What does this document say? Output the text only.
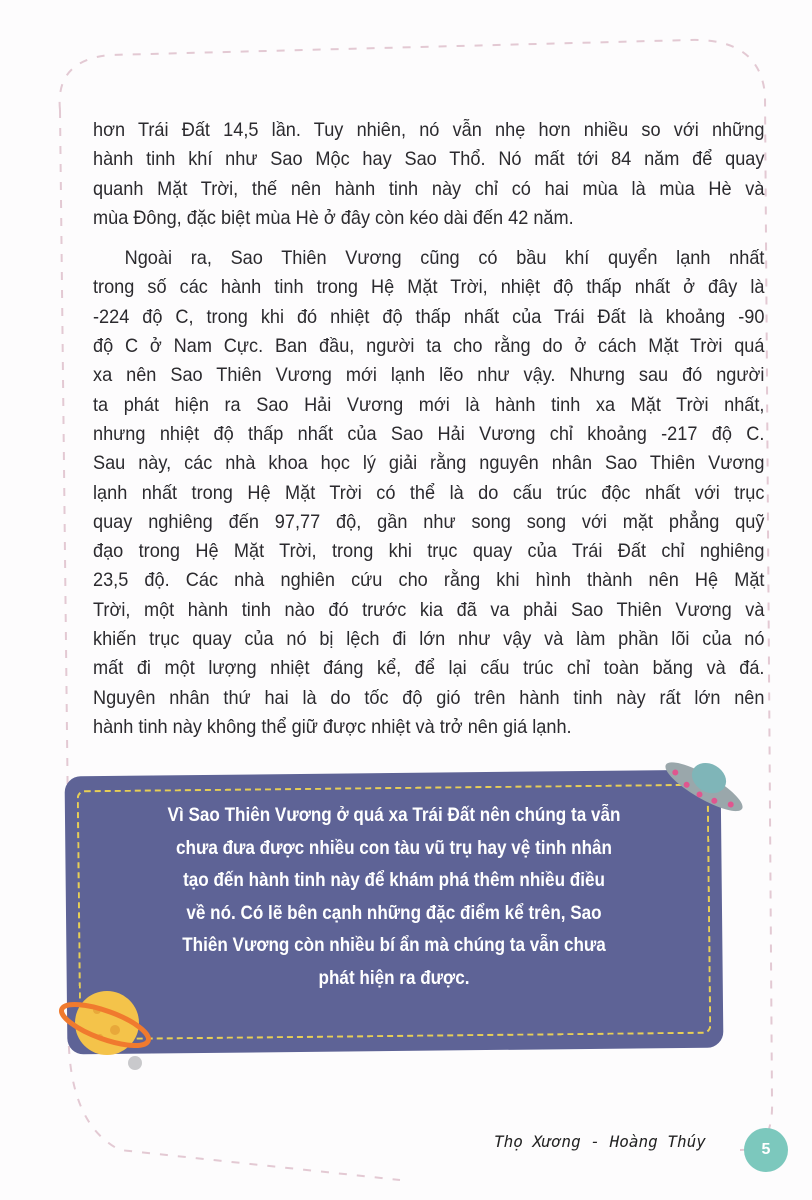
hơn Trái Đất 14,5 lần. Tuy nhiên, nó vẫn nhẹ hơn nhiều so với những
hành tinh khí như Sao Mộc hay Sao Thổ. Nó mất tới 84 năm để quay
quanh Mặt Trời, thế nên hành tinh này chỉ có hai mùa là mùa Hè và
mùa Đông, đặc biệt mùa Hè ở đây còn kéo dài đến 42 năm.
Ngoài ra, Sao Thiên Vương cũng có bầu khí quyển lạnh nhất
trong số các hành tinh trong Hệ Mặt Trời, nhiệt độ thấp nhất ở đây là
-224 độ C, trong khi đó nhiệt độ thấp nhất của Trái Đất là khoảng -90
độ C ở Nam Cực. Ban đầu, người ta cho rằng do ở cách Mặt Trời quá
xa nên Sao Thiên Vương mới lạnh lẽo như vậy. Nhưng sau đó người
ta phát hiện ra Sao Hải Vương mới là hành tinh xa Mặt Trời nhất,
nhưng nhiệt độ thấp nhất của Sao Hải Vương chỉ khoảng -217 độ C.
Sau này, các nhà khoa học lý giải rằng nguyên nhân Sao Thiên Vương
lạnh nhất trong Hệ Mặt Trời có thể là do cấu trúc độc nhất với trục
quay nghiêng đến 97,77 độ, gần như song song với mặt phẳng quỹ
đạo trong Hệ Mặt Trời, trong khi trục quay của Trái Đất chỉ nghiêng
23,5 độ. Các nhà nghiên cứu cho rằng khi hình thành nên Hệ Mặt
Trời, một hành tinh nào đó trước kia đã va phải Sao Thiên Vương và
khiến trục quay của nó bị lệch đi lớn như vậy và làm phần lõi của nó
mất đi một lượng nhiệt đáng kể, để lại cấu trúc chỉ toàn băng và đá.
Nguyên nhân thứ hai là do tốc độ gió trên hành tinh này rất lớn nên
hành tinh này không thể giữ được nhiệt và trở nên giá lạnh.
Vì Sao Thiên Vương ở quá xa Trái Đất nên chúng ta vẫn
chưa đưa được nhiều con tàu vũ trụ hay vệ tinh nhân
tạo đến hành tinh này để khám phá thêm nhiều điều
về nó. Có lẽ bên cạnh những đặc điểm kể trên, Sao
Thiên Vương còn nhiều bí ẩn mà chúng ta vẫn chưa
phát hiện ra được.
Thọ Xương - Hoàng Thúy	5
